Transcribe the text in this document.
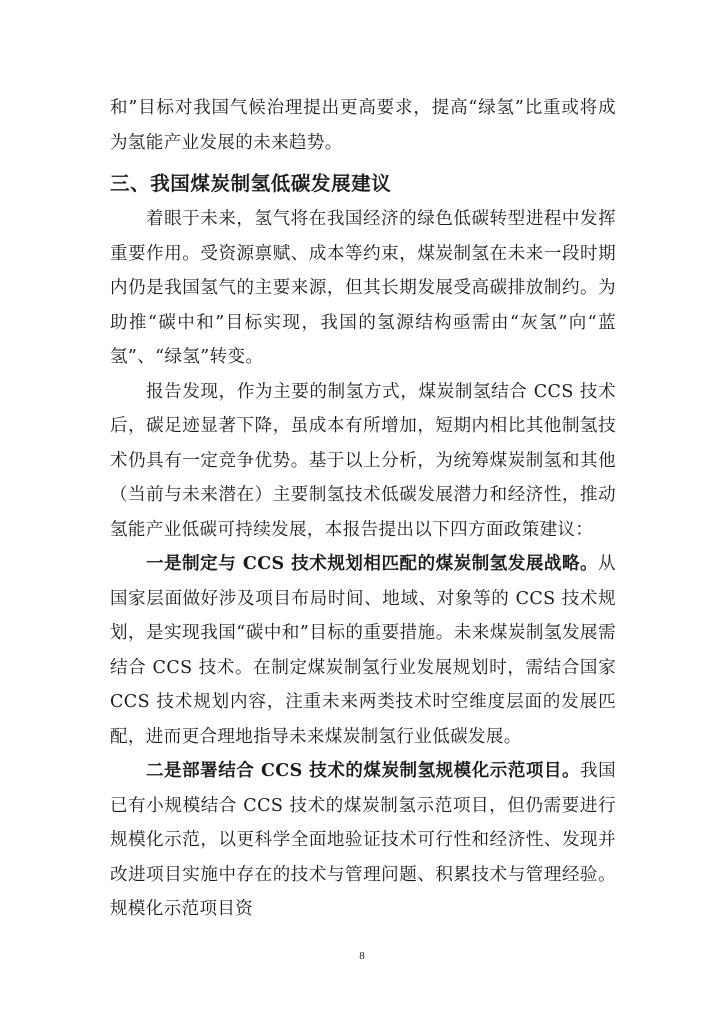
和”目标对我国气候治理提出更高要求，提高“绿氢”比重或将成为氢能产业发展的未来趋势。

三、我国煤炭制氢低碳发展建议

着眼于未来，氢气将在我国经济的绿色低碳转型进程中发挥重要作用。受资源禀赋、成本等约束，煤炭制氢在未来一段时期内仍是我国氢气的主要来源，但其长期发展受高碳排放制约。为助推“碳中和”目标实现，我国的氢源结构亟需由“灰氢”向“蓝氢”、“绿氢”转变。

报告发现，作为主要的制氢方式，煤炭制氢结合 CCS 技术后，碳足迹显著下降，虽成本有所增加，短期内相比其他制氢技术仍具有一定竞争优势。基于以上分析，为统筹煤炭制氢和其他（当前与未来潜在）主要制氢技术低碳发展潜力和经济性，推动氢能产业低碳可持续发展，本报告提出以下四方面政策建议：

一是制定与 CCS 技术规划相匹配的煤炭制氢发展战略。从国家层面做好涉及项目布局时间、地域、对象等的 CCS 技术规划，是实现我国“碳中和”目标的重要措施。未来煤炭制氢发展需结合 CCS 技术。在制定煤炭制氢行业发展规划时，需结合国家 CCS 技术规划内容，注重未来两类技术时空维度层面的发展匹配，进而更合理地指导未来煤炭制氢行业低碳发展。

二是部署结合 CCS 技术的煤炭制氢规模化示范项目。我国已有小规模结合 CCS 技术的煤炭制氢示范项目，但仍需要进行规模化示范，以更科学全面地验证技术可行性和经济性、发现并改进项目实施中存在的技术与管理问题、积累技术与管理经验。规模化示范项目资

8
